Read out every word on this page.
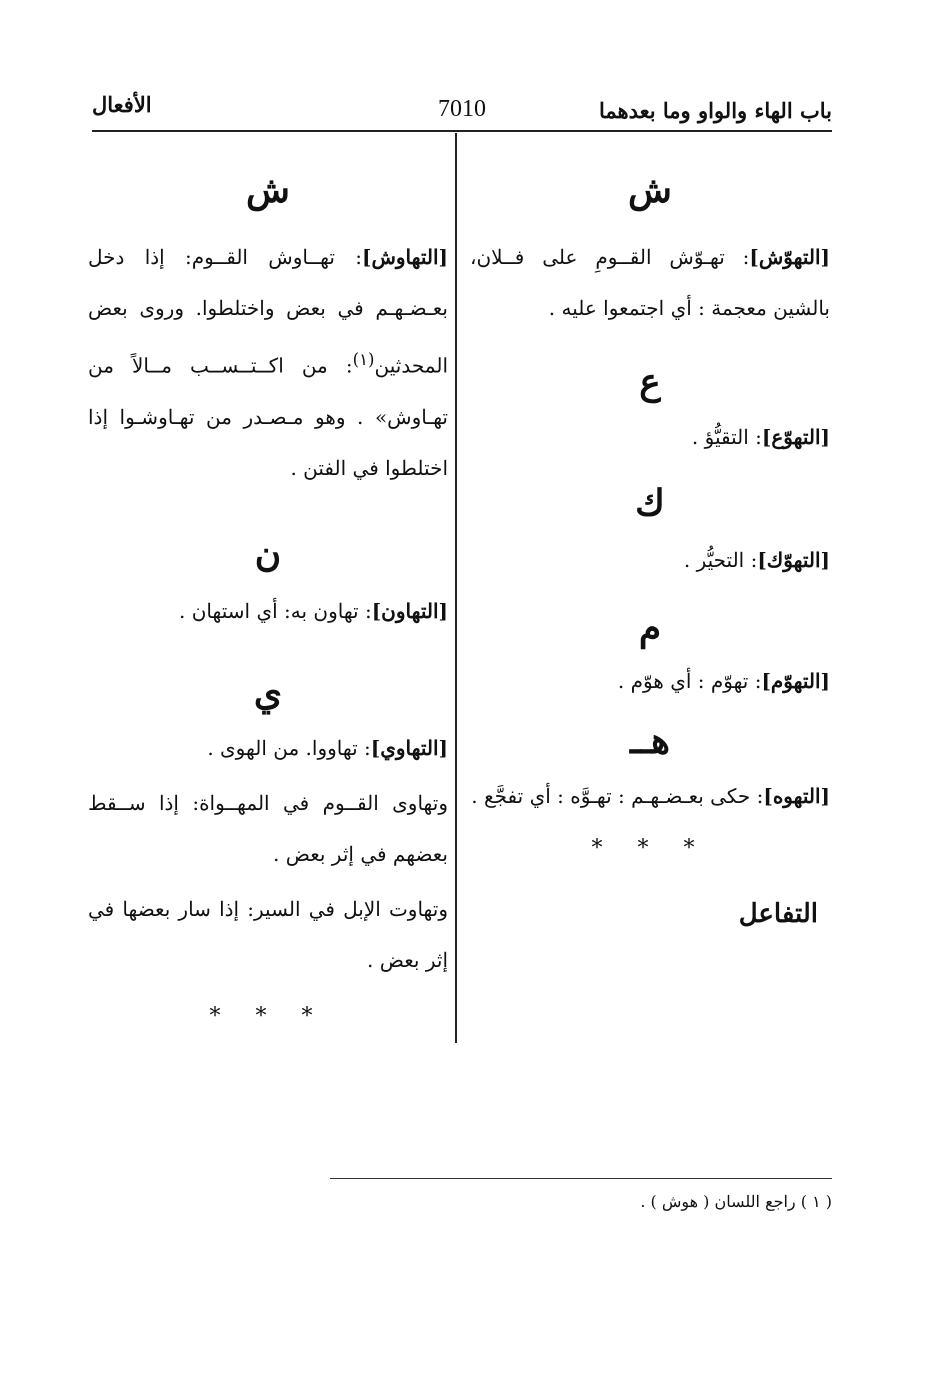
باب الهاء والواو وما بعدهما
7010
الأفعال
ش

[التهوّش]: تهـوّش القــومِ على فــلان، بالشين معجمة : أي اجتمعوا عليه .

ع

[التهوّع]: التقيُّؤ .

ك

[التهوّك]: التحيُّر .

م

[التهوّم]: تهوّم : أي هوّم .

هــ

[التهوه]: حكى بعـضـهـم : تهـوَّه : أي تفجَّع .

* * *
التفاعل
ش

[التهاوش]: تهــاوش القــوم: إذا دخل بعـضـهـم في بعض واختلطوا. وروى بعض المحدثين$^{(١)}$: من اكــتــســب مــالاً من تهـاوش» . وهو مـصـدر من تهـاوشـوا إذا اختلطوا في الفتن .

ن

[التهاون]: تهاون به: أي استهان .

ي

[التهاوي]: تهاووا. من الهوى .

وتهاوى القــوم في المهــواة: إذا ســقط بعضهم في إثر بعض .

وتهاوت الإبل في السير: إذا سار بعضها في إثر بعض .

* * *
( ١ ) راجع اللسان ( هوش ) .
